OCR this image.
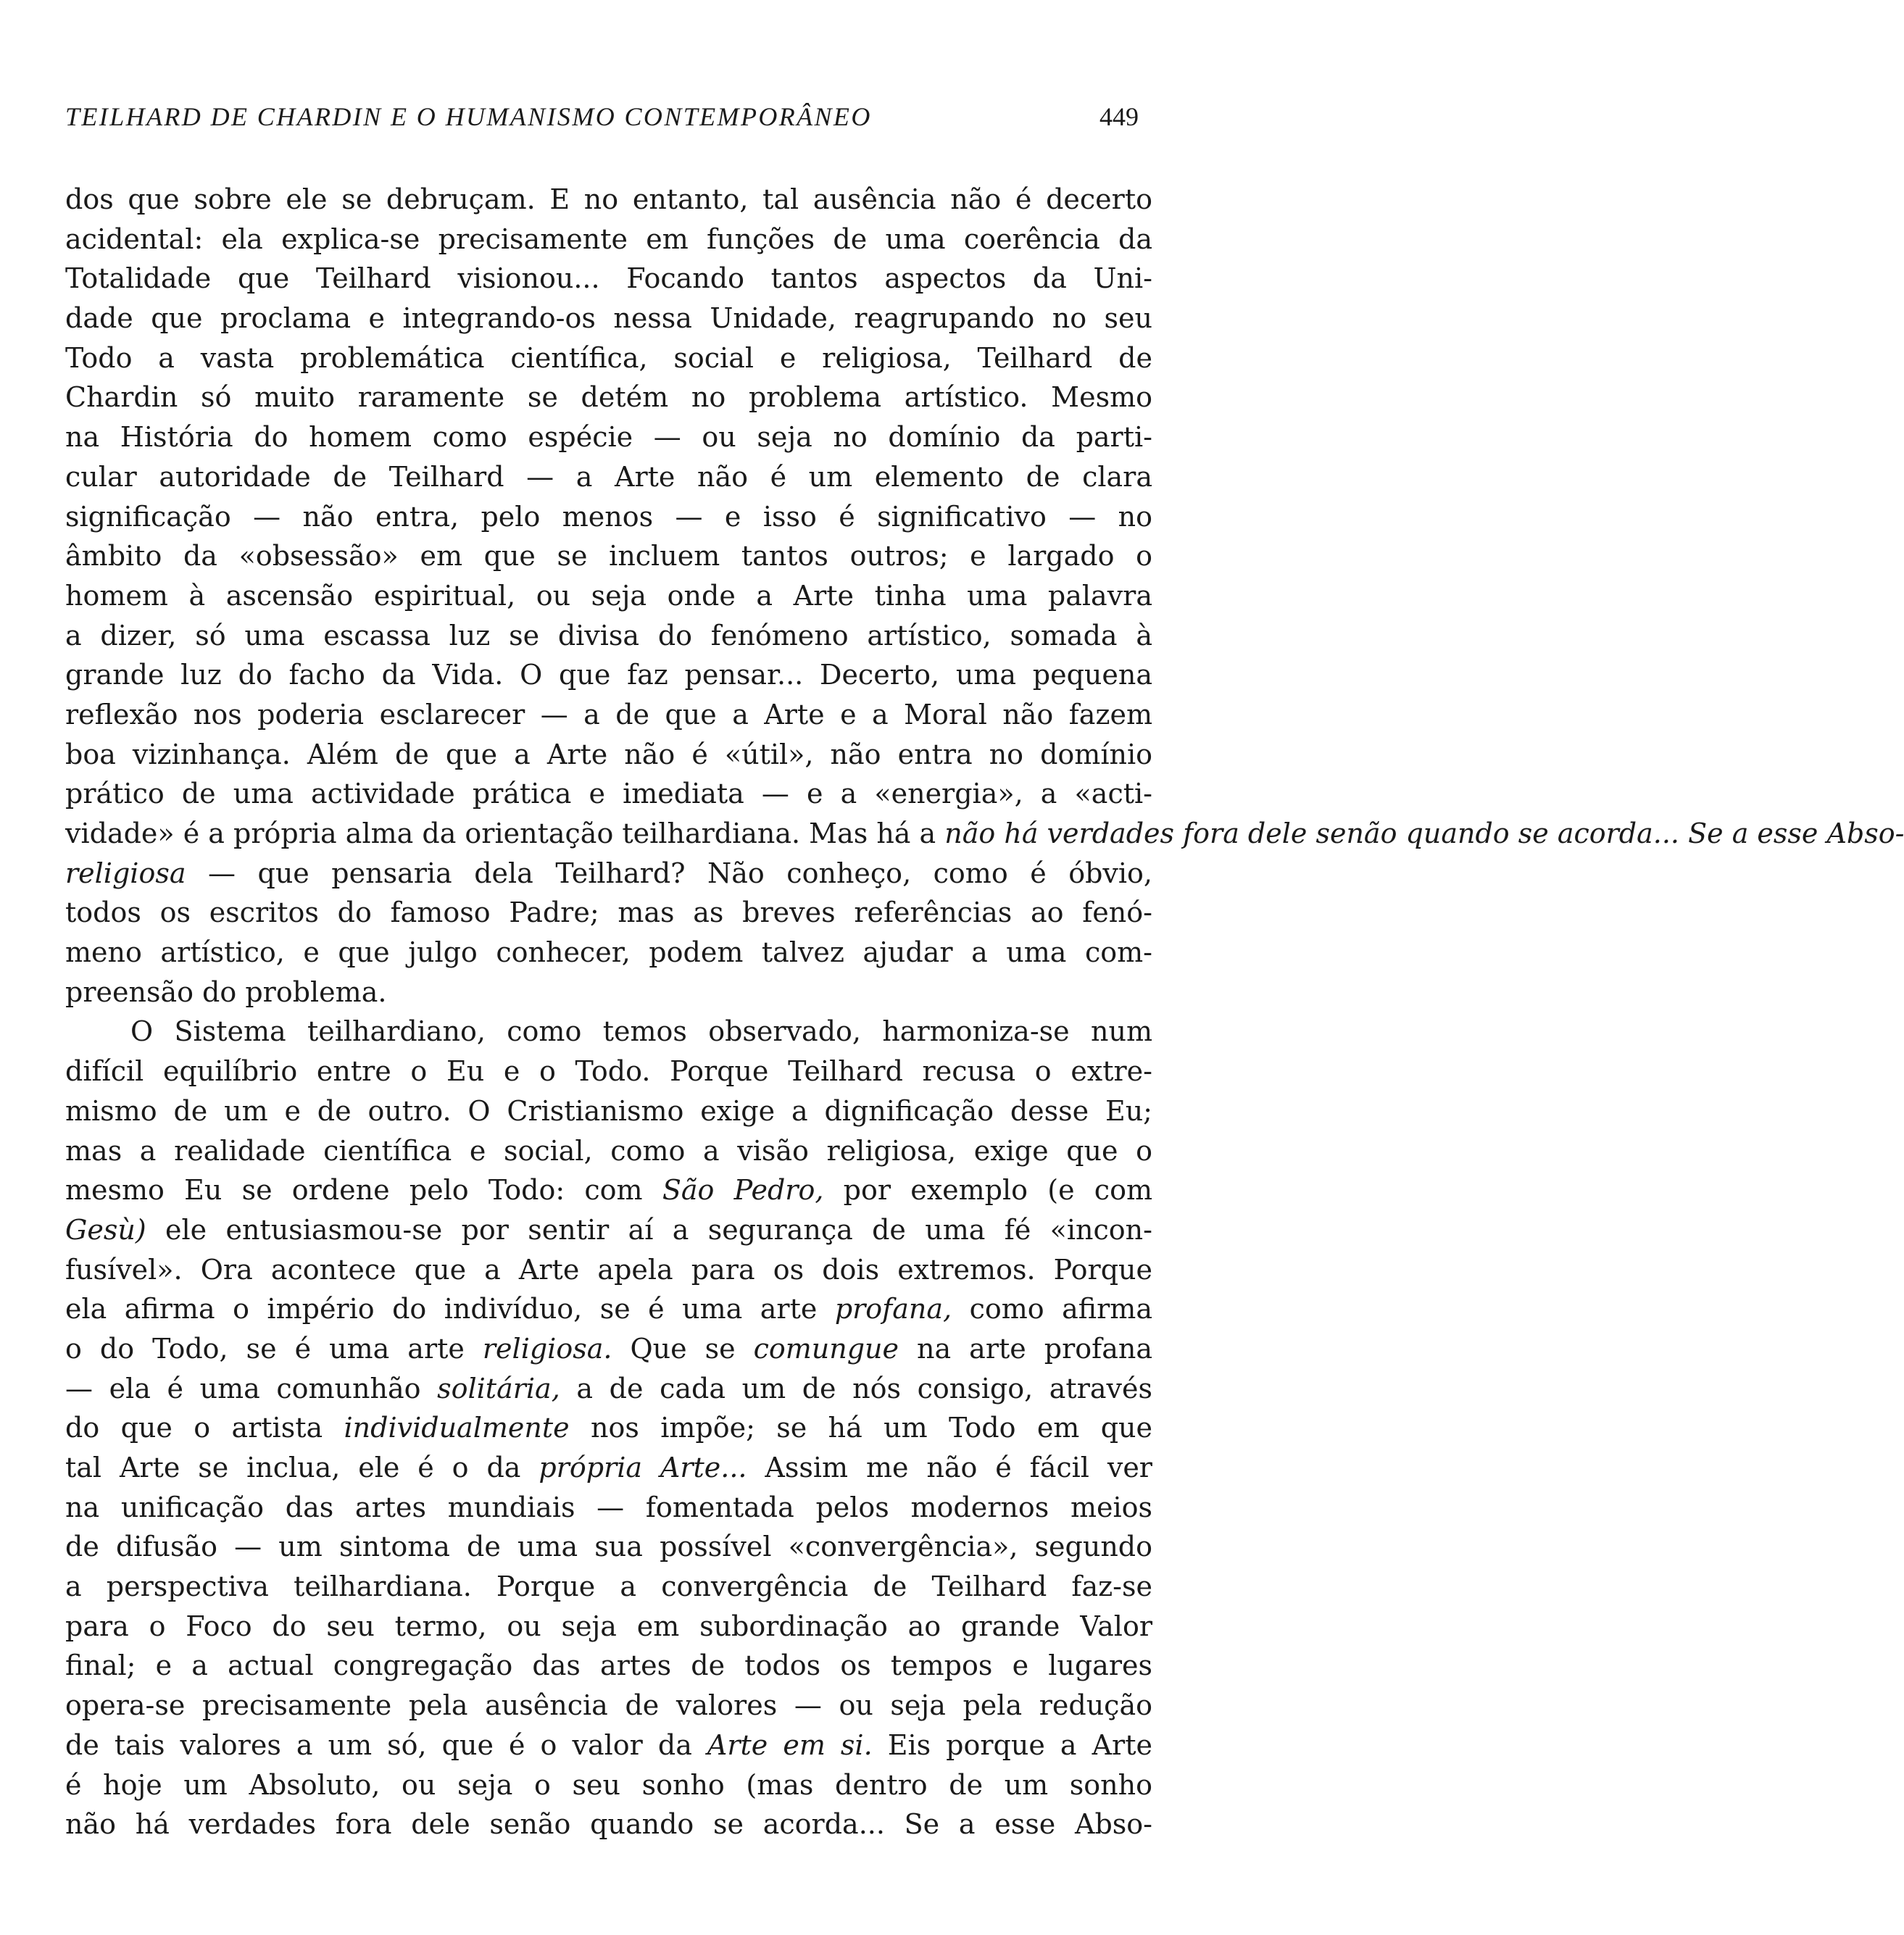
TEILHARD DE CHARDIN E O HUMANISMO CONTEMPORÂNEO	449
dos que sobre ele se debruçam. E no entanto, tal ausência não é decerto
acidental: ela explica-se precisamente em funções de uma coerência da
Totalidade que Teilhard visionou... Focando tantos aspectos da Uni-
dade que proclama e integrando-os nessa Unidade, reagrupando no seu
Todo a vasta problemática científica, social e religiosa, Teilhard de
Chardin só muito raramente se detém no problema artístico. Mesmo
na História do homem como espécie — ou seja no domínio da parti-
cular autoridade de Teilhard — a Arte não é um elemento de clara
significação — não entra, pelo menos — e isso é significativo — no
âmbito da «obsessão» em que se incluem tantos outros; e largado o
homem à ascensão espiritual, ou seja onde a Arte tinha uma palavra
a dizer, só uma escassa luz se divisa do fenómeno artístico, somada à
grande luz do facho da Vida. O que faz pensar... Decerto, uma pequena
reflexão nos poderia esclarecer — a de que a Arte e a Moral não fazem
boa vizinhança. Além de que a Arte não é «útil», não entra no domínio
prático de uma actividade prática e imediata — e a «energia», a «acti-
vidade» é a própria alma da orientação teilhardiana. Mas há a não há verdades fora dele senão quando se acorda... Se a esse Abso-
religiosa — que pensaria dela Teilhard? Não conheço, como é óbvio,
todos os escritos do famoso Padre; mas as breves referências ao fenó-
meno artístico, e que julgo conhecer, podem talvez ajudar a uma com-
preensão do problema.
O Sistema teilhardiano, como temos observado, harmoniza-se num
difícil equilíbrio entre o Eu e o Todo. Porque Teilhard recusa o extre-
mismo de um e de outro. O Cristianismo exige a dignificação desse Eu;
mas a realidade científica e social, como a visão religiosa, exige que o
mesmo Eu se ordene pelo Todo: com São Pedro, por exemplo (e com
Gesù) ele entusiasmou-se por sentir aí a segurança de uma fé «incon-
fusível». Ora acontece que a Arte apela para os dois extremos. Porque
ela afirma o império do indivíduo, se é uma arte profana, como afirma
o do Todo, se é uma arte religiosa. Que se comungue na arte profana
— ela é uma comunhão solitária, a de cada um de nós consigo, através
do que o artista individualmente nos impõe; se há um Todo em que
tal Arte se inclua, ele é o da própria Arte... Assim me não é fácil ver
na unificação das artes mundiais — fomentada pelos modernos meios
de difusão — um sintoma de uma sua possível «convergência», segundo
a perspectiva teilhardiana. Porque a convergência de Teilhard faz-se
para o Foco do seu termo, ou seja em subordinação ao grande Valor
final; e a actual congregação das artes de todos os tempos e lugares
opera-se precisamente pela ausência de valores — ou seja pela redução
de tais valores a um só, que é o valor da Arte em si. Eis porque a Arte
é hoje um Absoluto, ou seja o seu sonho (mas dentro de um sonho
não há verdades fora dele senão quando se acorda... Se a esse Abso-
